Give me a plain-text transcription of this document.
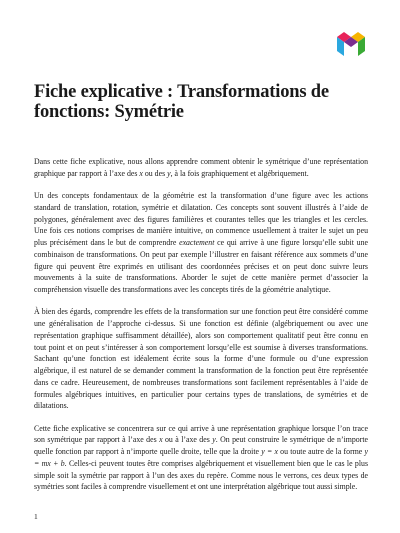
Fiche explicative : Transformations de fonctions: Symétrie

Dans cette fiche explicative, nous allons apprendre comment obtenir le symétrique d’une représentation graphique par rapport à l’axe des x ou des y, à la fois graphiquement et algébriquement.

Un des concepts fondamentaux de la géométrie est la transformation d’une figure avec les actions standard de translation, rotation, symétrie et dilatation. Ces concepts sont souvent illustrés à l’aide de polygones, généralement avec des figures familières et courantes telles que les triangles et les cercles. Une fois ces notions comprises de manière intuitive, on commence usuellement à traiter le sujet un peu plus précisément dans le but de comprendre exactement ce qui arrive à une figure lorsqu’elle subit une combinaison de transformations. On peut par exemple l’illustrer en faisant référence aux sommets d’une figure qui peuvent être exprimés en utilisant des coordonnées précises et on peut donc suivre leurs mouvements à la suite de transformations. Aborder le sujet de cette manière permet d’associer la compréhension visuelle des transformations avec les concepts tirés de la géométrie analytique.

À bien des égards, comprendre les effets de la transformation sur une fonction peut être considéré comme une généralisation de l’approche ci-dessus. Si une fonction est définie (algébriquement ou avec une représentation graphique suffisamment détaillée), alors son comportement qualitatif peut être connu en tout point et on peut s’intéresser à son comportement lorsqu’elle est soumise à diverses transformations. Sachant qu’une fonction est idéalement écrite sous la forme d’une formule ou d’une expression algébrique, il est naturel de se demander comment la transformation de la fonction peut être représentée dans ce cadre. Heureusement, de nombreuses transformations sont facilement représentables à l’aide de formules algébriques intuitives, en particulier pour certains types de translations, de symétries et de dilatations.

Cette fiche explicative se concentrera sur ce qui arrive à une représentation graphique lorsque l’on trace son symétrique par rapport à l’axe des x ou à l’axe des y. On peut construire le symétrique de n’importe quelle fonction par rapport à n’importe quelle droite, telle que la droite y = x ou toute autre de la forme y = mx + b. Celles-ci peuvent toutes être comprises algébriquement et visuellement bien que le cas le plus simple soit la symétrie par rapport à l’un des axes du repère. Comme nous le verrons, ces deux types de symétries sont faciles à comprendre visuellement et ont une interprétation algébrique tout aussi simple.

1
